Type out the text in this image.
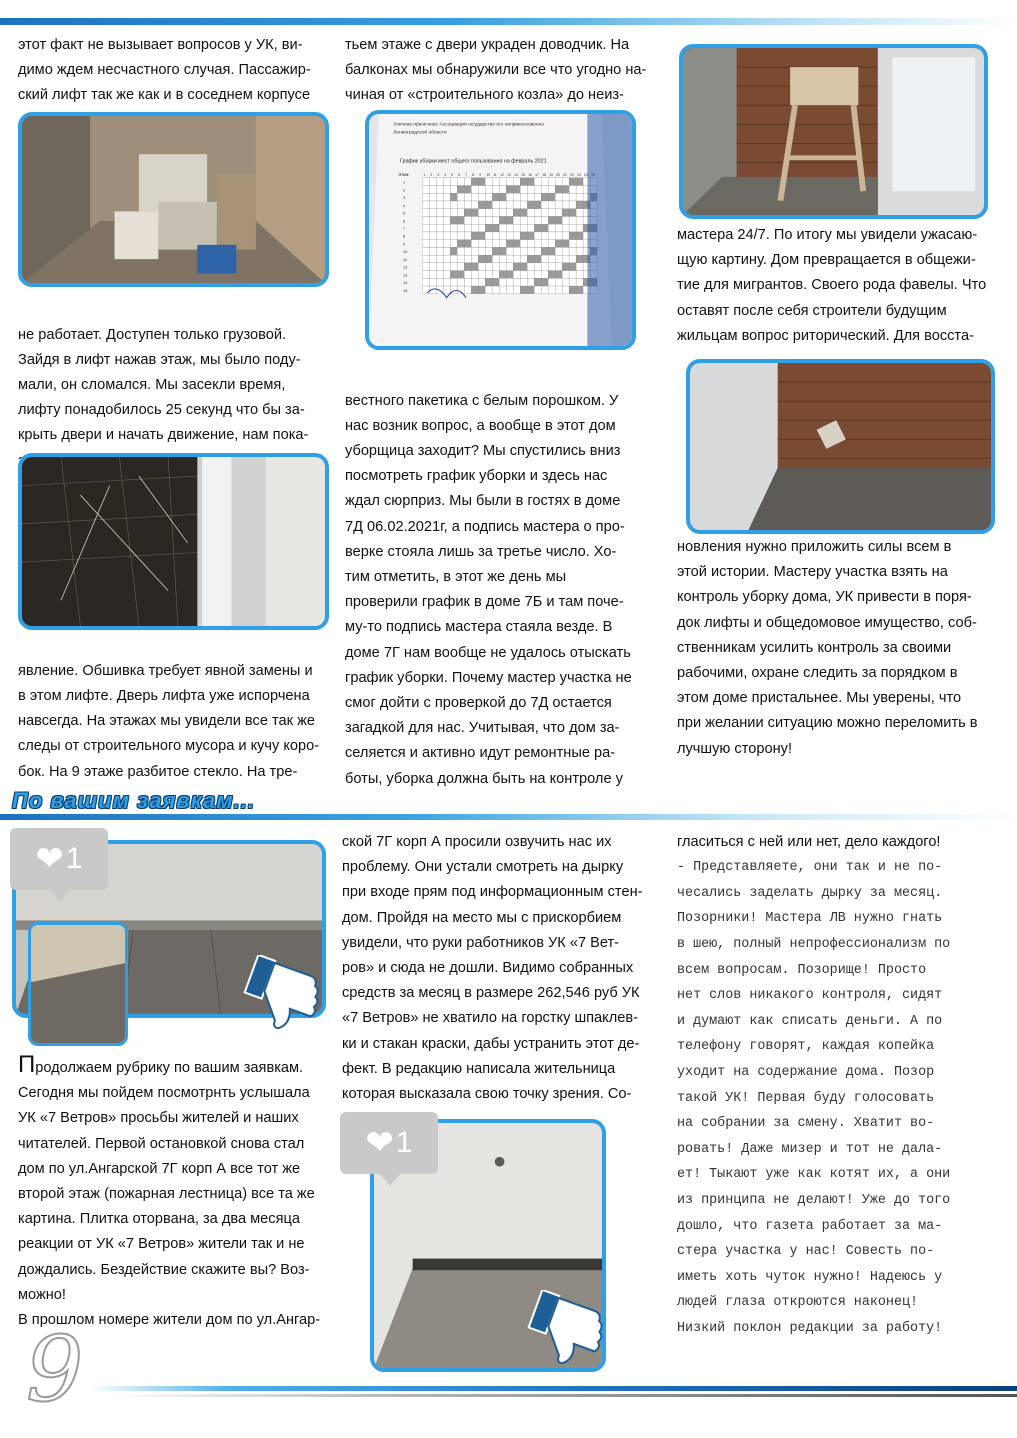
этот факт не вызывает вопросов у УК, ви-

димо ждем несчастного случая. Пассажир-

ский лифт так же как и в соседнем корпусе

не работает. Доступен только грузовой.

Зайдя в лифт нажав этаж, мы было поду-

мали, он сломался. Мы засекли время,

лифту понадобилось 25 секунд что бы за-

крыть двери и начать движение, нам пока-

явление. Обшивка требует явной замены и

в этом лифте. Дверь лифта уже испорчена

навсегда. На этажах мы увидели все так же

следы от строительного мусора и кучу коро-

бок. На 9 этаже разбитое стекло. На тре-

тьем этаже с двери украден доводчик. На

балконах мы обнаружили все что угодно на-

чиная от «строительного козла» до неиз-

вестного пакетика с белым порошком. У

нас возник вопрос, а вообще в этот дом

уборщица заходит? Мы спустились вниз

посмотреть график уборки и здесь нас

ждал сюрприз. Мы были в гостях в доме

7Д 06.02.2021г, а подпись мастера о про-

верке стояла лишь за третье число. Хо-

тим отметить, в этот же день мы

проверили график в доме 7Б и там поче-

му-то подпись мастера стаяла везде. В

доме 7Г нам вообще не удалось отыскать

график уборки. Почему мастер участка не

смог дойти с проверкой до 7Д остается

загадкой для нас. Учитывая, что дом за-

селяется и активно идут ремонтные ра-

боты, уборка должна быть на контроле у

мастера 24/7. По итогу мы увидели ужасаю-

щую картину. Дом превращается в общежи-

тие для мигрантов. Своего рода фавелы. Что

оставят после себя строители будущим

жильцам вопрос риторический. Для восста-

новления нужно приложить силы всем в

этой истории. Мастеру участка взять на

контроль уборку дома, УК привести в поря-

док лифты и общедомовое имущество, соб-

ственникам усилить контроль за своими

рабочими, охране следить за порядком в

этом доме пристальнее. Мы уверены, что

при желании ситуацию можно переломить в

лучшую сторону!

Уличная прачечная: Ассоциация государство его неприкосновенно
Ленинградской области
График уборки мест общего пользования на февраль 2021
Этаж	1 2 3 4 5 6 7 8 9 10 11 12 13 14 15 16 17 18 19 20 21 22 23 24
1
2
3
4
5
6
7
8
9
10
11
12
13
14
15
По вашим заявкам...
❤ 1

Продолжаем рубрику по вашим заявкам.

Сегодня мы пойдем посмотрнть услышала

УК «7 Ветров» просьбы жителей и наших

читателей. Первой остановкой снова стал

дом по ул.Ангарской 7Г корп А все тот же

второй этаж (пожарная лестница) все та же

картина. Плитка оторвана, за два месяца

реакции от УК «7 Ветров» жители так и не

дождались. Бездействие скажите вы? Воз-

можно!

В прошлом номере жители дом по ул.Ангар-

ской 7Г корп А просили озвучить нас их

проблему. Они устали смотреть на дырку

при входе прям под информационным стен-

дом. Пройдя на место мы с прискорбием

увидели, что руки работников УК «7 Вет-

ров» и сюда не дошли. Видимо собранных

средств за месяц в размере 262,546 руб УК

«7 Ветров» не хватило на горстку шпаклев-

ки и стакан краски, дабы устранить этот де-

фект. В редакцию написала жительница

которая высказала свою точку зрения. Со-

❤ 1

гласиться с ней или нет, дело каждого!

- Представляете, они так и не по-

чесались заделать дырку за месяц.

Позорники! Мастера ЛВ нужно гнать

в шею, полный непрофессионализм по

всем вопросам. Позорище! Просто

нет слов никакого контроля, сидят

и думают как списать деньги. А по

телефону говорят, каждая копейка

уходит на содержание дома. Позор

такой УК! Первая буду голосовать

на собрании за смену. Хватит во-

ровать! Даже мизер и тот не дала-

ет! Тыкают уже как котят их, а они

из принципа не делают! Уже до того

дошло, что газета работает за ма-

стера участка у нас! Совесть по-

иметь хоть чуток нужно! Надеюсь у

людей глаза откроются наконец!

Низкий поклон редакции за работу!

9
